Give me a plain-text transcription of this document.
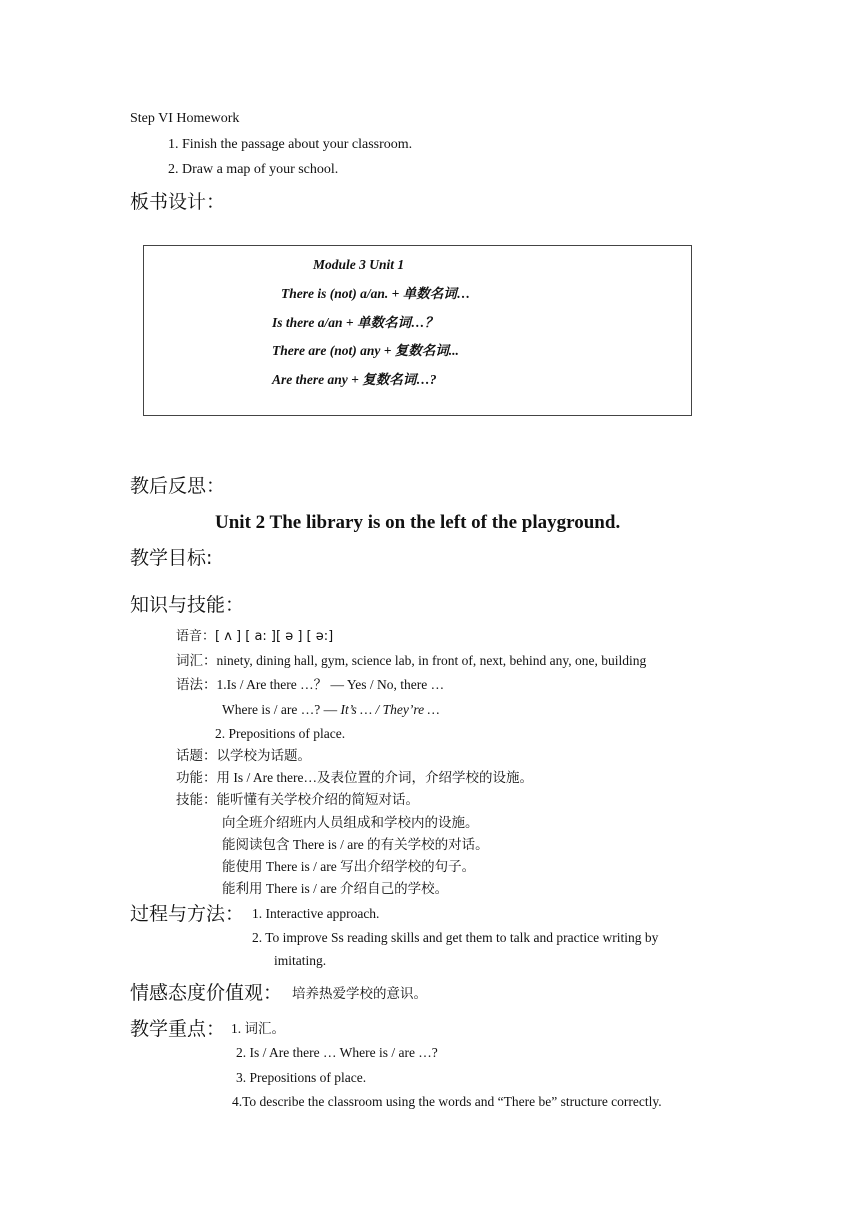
Step VI Homework
1. Finish the passage about your classroom.
2. Draw a map of your school.
板书设计：
Module 3 Unit 1
There is (not) a/an. + 单数名词…
Is there a/an + 单数名词…？
There are (not) any + 复数名词...
Are there any + 复数名词…?
教后反思：
Unit 2 The library is on the left of the playground.
教学目标:
知识与技能：
语音：[ ʌ ] [ a: ][ ə ] [ ə:]
词汇：ninety, dining hall, gym, science lab, in front of, next, behind any, one, building
语法：1.Is / Are there …？ — Yes / No, there …
Where is / are …? — It’s … / They’re …
2. Prepositions of place.
话题：以学校为话题。
功能：用 Is / Are there…及表位置的介词，介绍学校的设施。
技能：能听懂有关学校介绍的简短对话。
向全班介绍班内人员组成和学校内的设施。
能阅读包含 There is / are 的有关学校的对话。
能使用 There is / are 写出介绍学校的句子。
能利用 There is / are 介绍自己的学校。
过程与方法： 1. Interactive approach.
2. To improve Ss reading skills and get them to talk and practice writing by
imitating.
情感态度价值观： 培养热爱学校的意识。
教学重点： 1. 词汇。
2. Is / Are there … Where is / are …?
3. Prepositions of place.
4.To describe the classroom using the words and “There be” structure correctly.
